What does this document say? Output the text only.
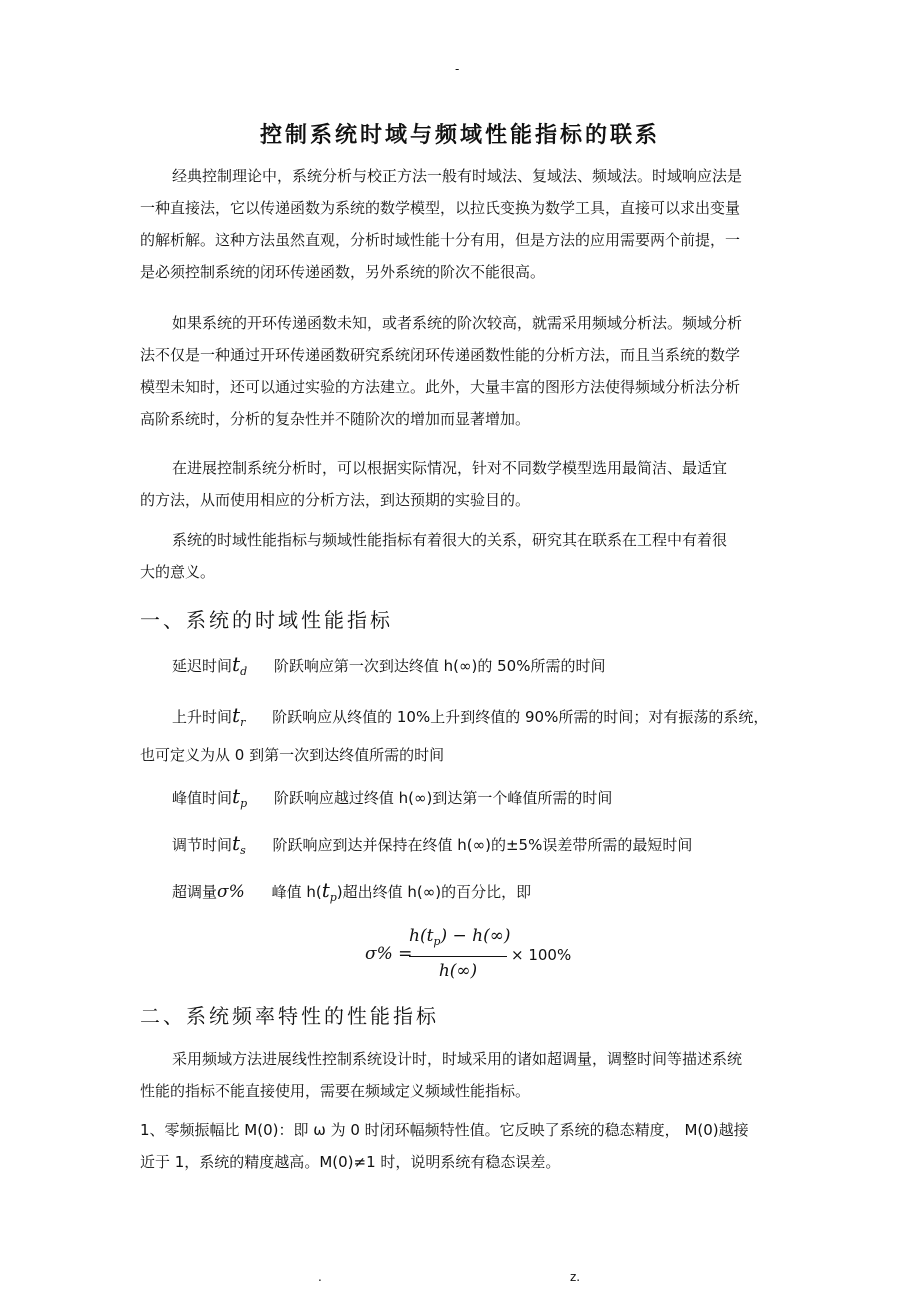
-
控制系统时域与频域性能指标的联系

经典控制理论中，系统分析与校正方法一般有时域法、复域法、频域法。时域响应法是

一种直接法，它以传递函数为系统的数学模型，以拉氏变换为数学工具，直接可以求出变量

的解析解。这种方法虽然直观，分析时域性能十分有用，但是方法的应用需要两个前提，一

是必须控制系统的闭环传递函数，另外系统的阶次不能很高。

如果系统的开环传递函数未知，或者系统的阶次较高，就需采用频域分析法。频域分析

法不仅是一种通过开环传递函数研究系统闭环传递函数性能的分析方法，而且当系统的数学

模型未知时，还可以通过实验的方法建立。此外，大量丰富的图形方法使得频域分析法分析

高阶系统时，分析的复杂性并不随阶次的增加而显著增加。

在进展控制系统分析时，可以根据实际情况，针对不同数学模型选用最简洁、最适宜

的方法，从而使用相应的分析方法，到达预期的实验目的。

系统的时域性能指标与频域性能指标有着很大的关系，研究其在联系在工程中有着很

大的意义。

一、系统的时域性能指标
延迟时间$t_d$ 阶跃响应第一次到达终值 h(∞)的 50%所需的时间
上升时间$t_r$ 阶跃响应从终值的 10%上升到终值的 90%所需的时间；对有振荡的系统，
也可定义为从 0 到第一次到达终值所需的时间
峰值时间$t_p$ 阶跃响应越过终值 h(∞)到达第一个峰值所需的时间
调节时间$t_s$ 阶跃响应到达并保持在终值 h(∞)的±5%误差带所需的最短时间
超调量σ% 峰值 $h(t_p)$超出终值 h(∞)的百分比，即
σ% =
$h(t_p) - h(\infty)$
h(∞)
× 100%
二、系统频率特性的性能指标

采用频域方法进展线性控制系统设计时，时域采用的诸如超调量，调整时间等描述系统

性能的指标不能直接使用，需要在频域定义频域性能指标。

1、零频振幅比 M(0)：即 ω 为 0 时闭环幅频特性值。它反映了系统的稳态精度， M(0)越接

近于 1，系统的精度越高。M(0)≠1 时，说明系统有稳态误差。

.	z.
